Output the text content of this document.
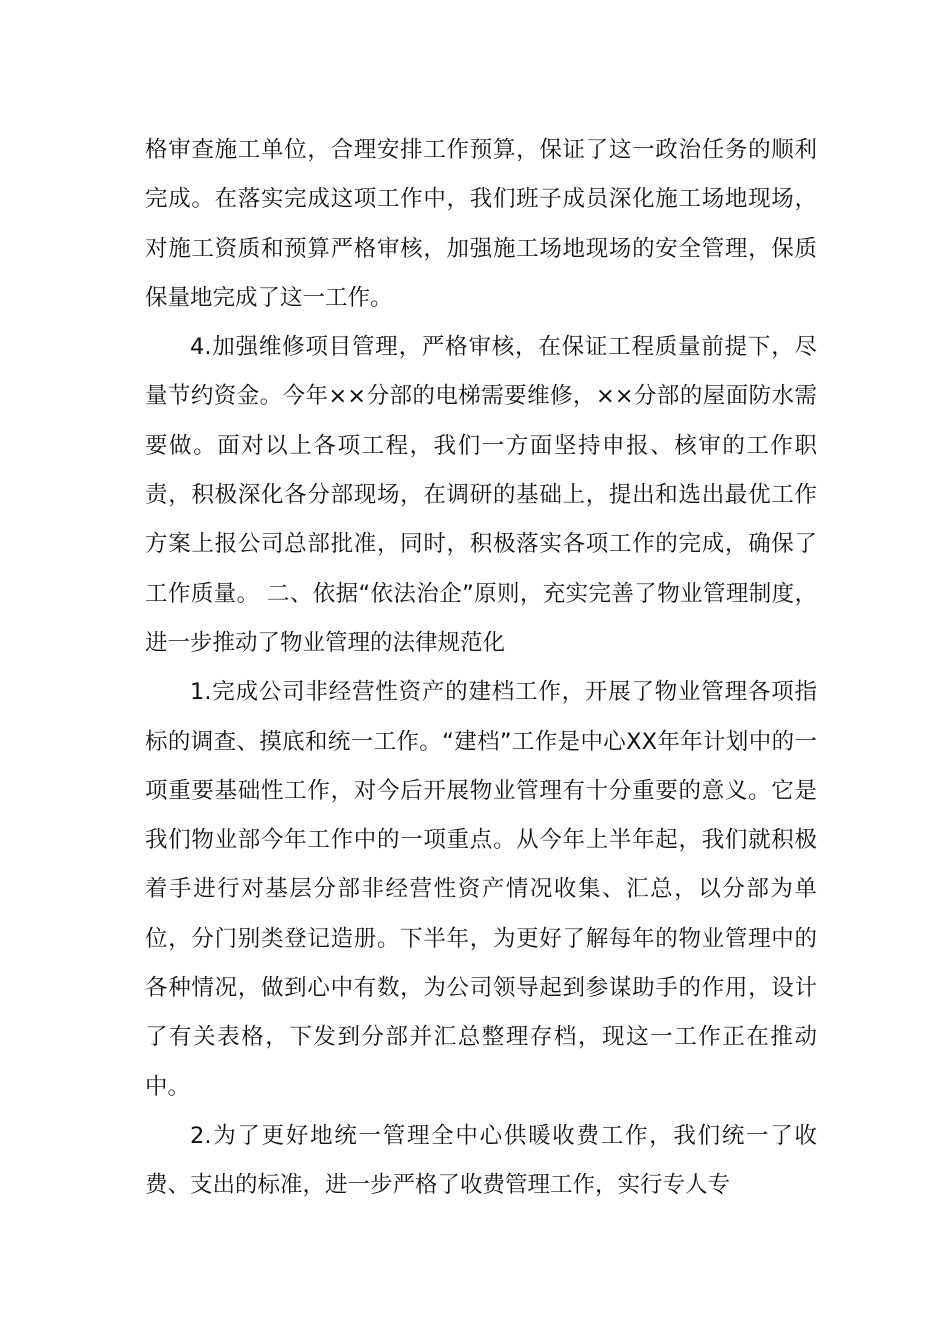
格审查施工单位，合理安排工作预算，保证了这一政治任务的顺利完成。在落实完成这项工作中，我们班子成员深化施工场地现场，对施工资质和预算严格审核，加强施工场地现场的安全管理，保质保量地完成了这一工作。

4.加强维修项目管理，严格审核，在保证工程质量前提下，尽量节约资金。今年××分部的电梯需要维修，××分部的屋面防水需要做。面对以上各项工程，我们一方面坚持申报、核审的工作职责，积极深化各分部现场，在调研的基础上，提出和选出最优工作方案上报公司总部批准，同时，积极落实各项工作的完成，确保了工作质量。 二、依据“依法治企”原则，充实完善了物业管理制度，进一步推动了物业管理的法律规范化

1.完成公司非经营性资产的建档工作，开展了物业管理各项指标的调查、摸底和统一工作。“建档”工作是中心XX年年计划中的一项重要基础性工作，对今后开展物业管理有十分重要的意义。它是我们物业部今年工作中的一项重点。从今年上半年起，我们就积极着手进行对基层分部非经营性资产情况收集、汇总，以分部为单位，分门别类登记造册。下半年，为更好了解每年的物业管理中的各种情况，做到心中有数，为公司领导起到参谋助手的作用，设计了有关表格，下发到分部并汇总整理存档，现这一工作正在推动中。

2.为了更好地统一管理全中心供暖收费工作，我们统一了收费、支出的标准，进一步严格了收费管理工作，实行专人专
